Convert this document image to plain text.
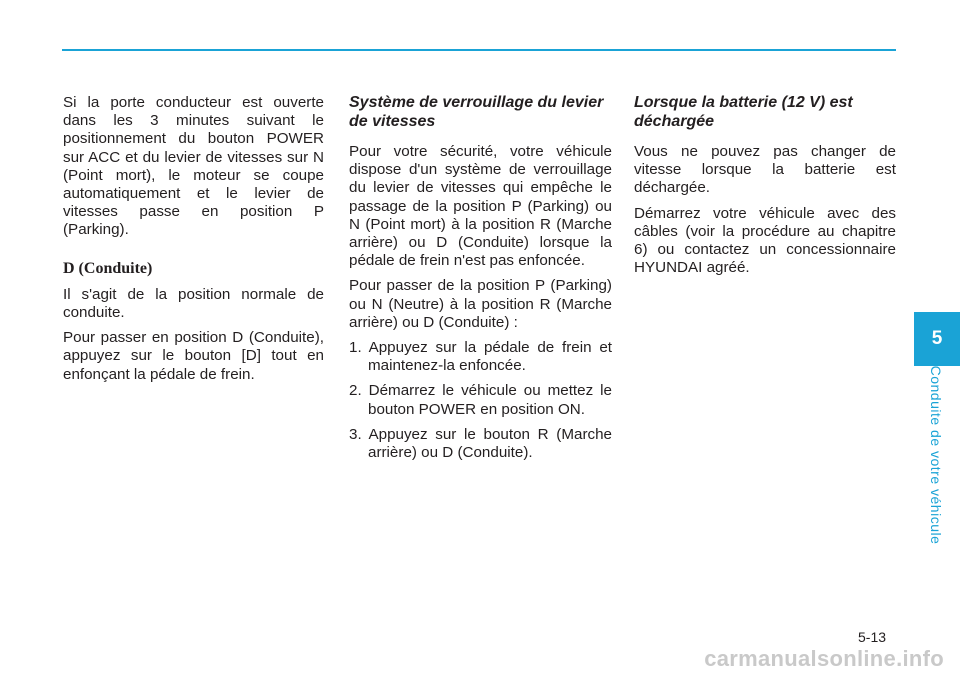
Si la porte conducteur est ouverte dans les 3 minutes suivant le positionnement du bouton POWER sur ACC et du levier de vitesses sur N (Point mort), le moteur se coupe automatiquement et le levier de vitesses passe en position P (Parking).

D (Conduite)

Il s'agit de la position normale de conduite.

Pour passer en position D (Conduite), appuyez sur le bouton [D] tout en enfonçant la pédale de frein.

Système de verrouillage du levier de vitesses

Pour votre sécurité, votre véhicule dispose d'un système de verrouillage du levier de vitesses qui empêche le passage de la position P (Parking) ou N (Point mort) à la position R (Marche arrière) ou D (Conduite) lorsque la pédale de frein n'est pas enfoncée.

Pour passer de la position P (Parking) ou N (Neutre) à la position R (Marche arrière) ou D (Conduite) :

1. Appuyez sur la pédale de frein et maintenez-la enfoncée.

2. Démarrez le véhicule ou mettez le bouton POWER en position ON.

3. Appuyez sur le bouton R (Marche arrière) ou D (Conduite).

Lorsque la batterie (12 V) est déchargée

Vous ne pouvez pas changer de vitesse lorsque la batterie est déchargée.

Démarrez votre véhicule avec des câbles (voir la procédure au chapitre 6) ou contactez un concessionnaire HYUNDAI agréé.

5
Conduite de votre véhicule
5-13
carmanualsonline.info
